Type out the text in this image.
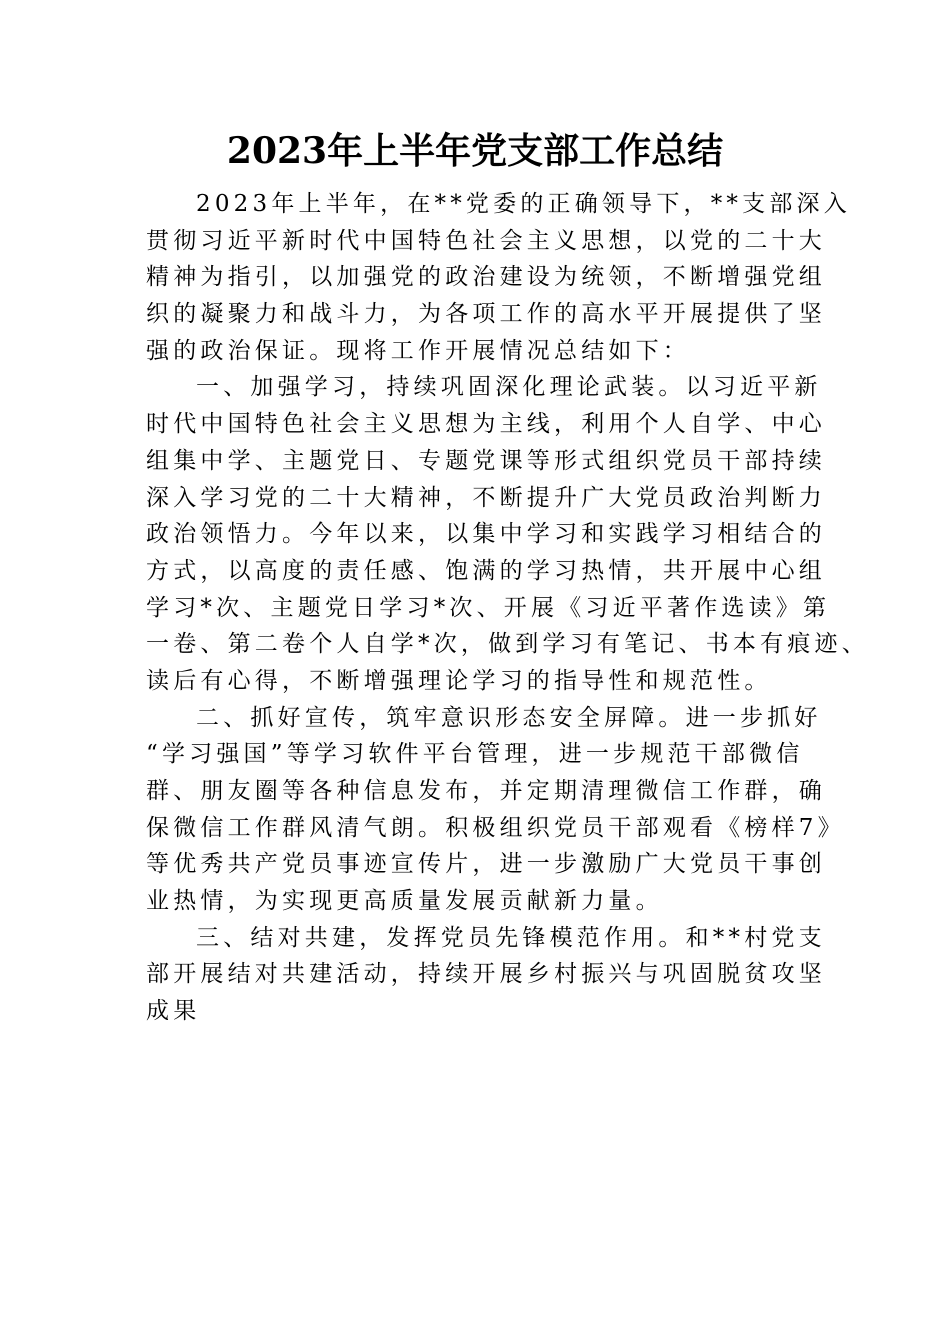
2023年上半年党支部工作总结
2023年上半年，在**党委的正确领导下，**支部深入
贯彻习近平新时代中国特色社会主义思想，以党的二十大
精神为指引，以加强党的政治建设为统领，不断增强党组
织的凝聚力和战斗力，为各项工作的高水平开展提供了坚
强的政治保证。现将工作开展情况总结如下：
一、加强学习，持续巩固深化理论武装。以习近平新
时代中国特色社会主义思想为主线，利用个人自学、中心
组集中学、主题党日、专题党课等形式组织党员干部持续
深入学习党的二十大精神，不断提升广大党员政治判断力
政治领悟力。今年以来，以集中学习和实践学习相结合的
方式，以高度的责任感、饱满的学习热情，共开展中心组
学习*次、主题党日学习*次、开展《习近平著作选读》第
一卷、第二卷个人自学*次，做到学习有笔记、书本有痕迹、
读后有心得，不断增强理论学习的指导性和规范性。
二、抓好宣传，筑牢意识形态安全屏障。进一步抓好
“学习强国”等学习软件平台管理，进一步规范干部微信
群、朋友圈等各种信息发布，并定期清理微信工作群，确
保微信工作群风清气朗。积极组织党员干部观看《榜样7》
等优秀共产党员事迹宣传片，进一步激励广大党员干事创
业热情，为实现更高质量发展贡献新力量。
三、结对共建，发挥党员先锋模范作用。和**村党支
部开展结对共建活动，持续开展乡村振兴与巩固脱贫攻坚
成果
